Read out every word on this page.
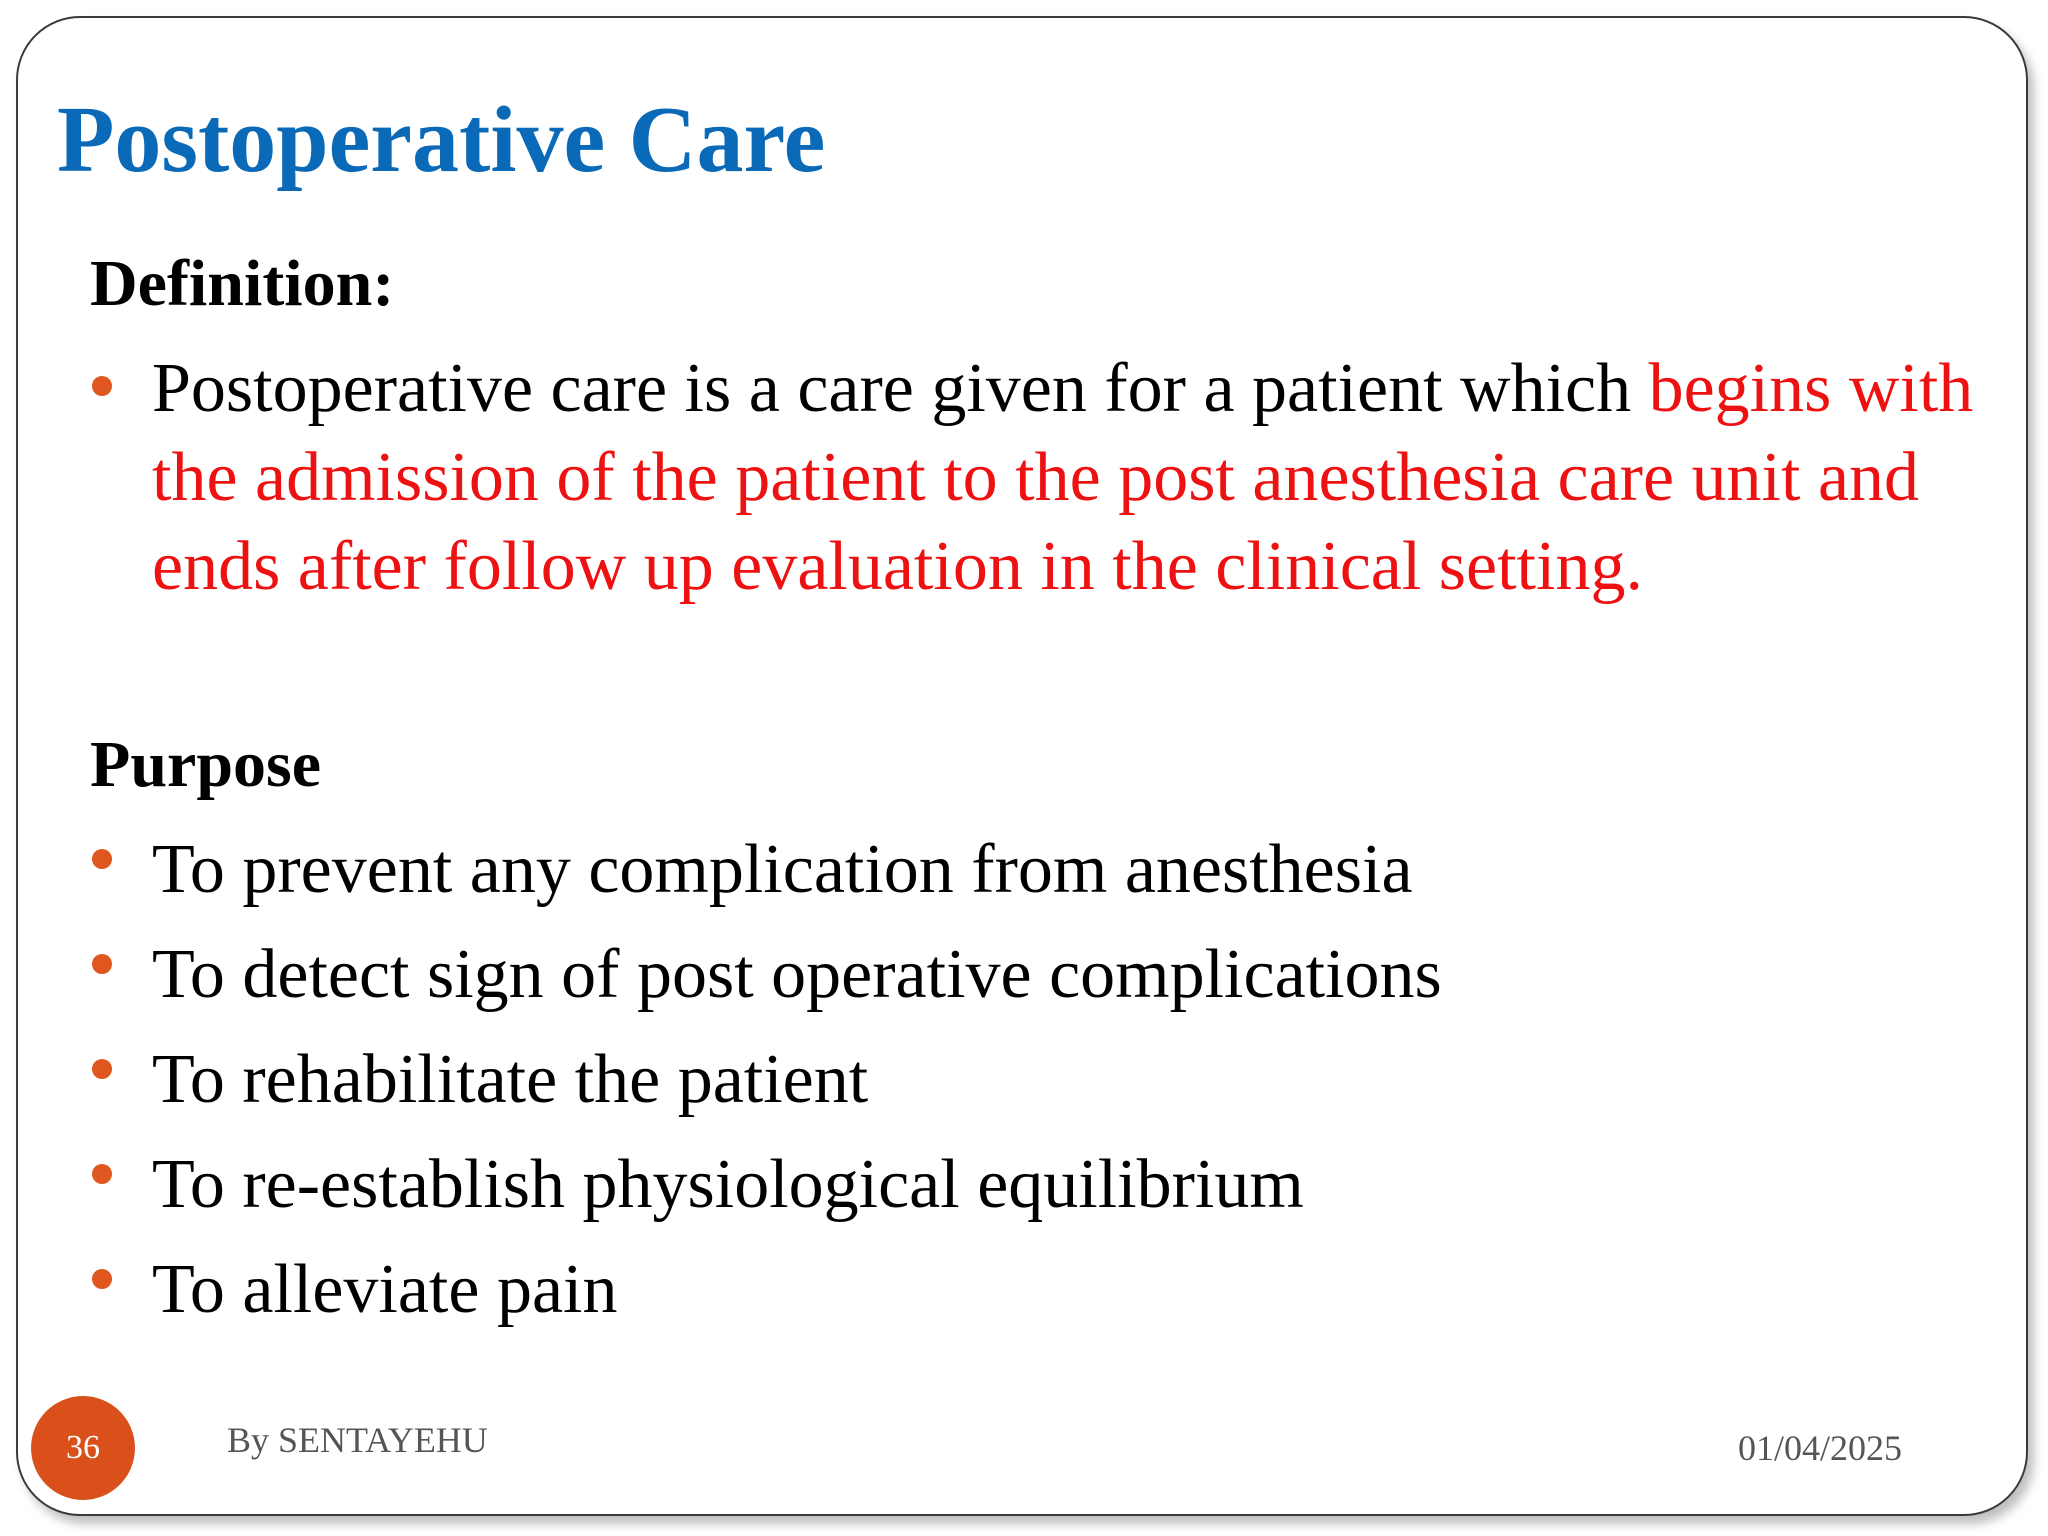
Postoperative Care
Definition:
Postoperative care is a care given for a patient which begins with the admission of the patient to the post anesthesia care unit and ends after follow up evaluation in the clinical setting.
Purpose
To prevent any complication from anesthesia
To detect sign of post operative complications
To rehabilitate the patient
To re-establish physiological equilibrium
To alleviate pain
36	By SENTAYEHU	01/04/2025
